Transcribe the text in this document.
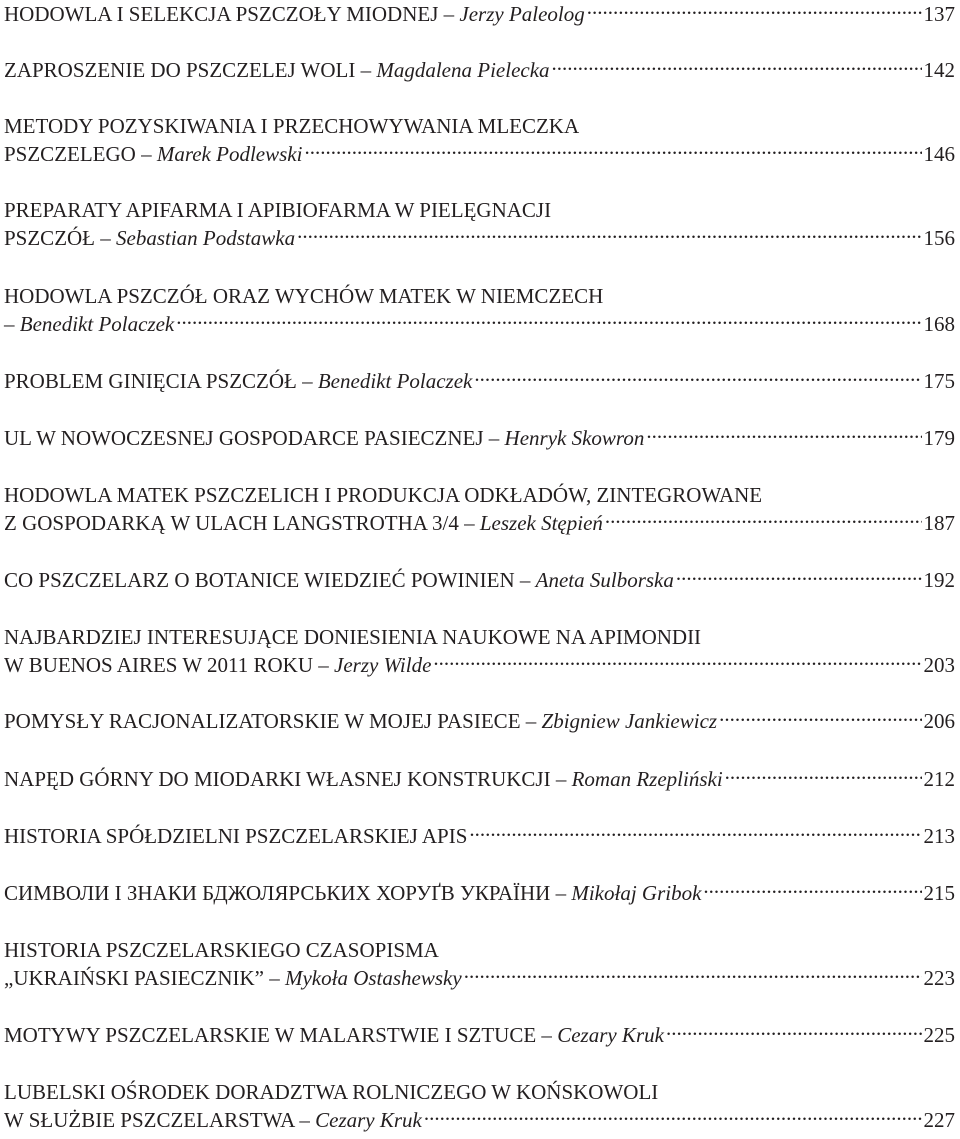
HODOWLA I SELEKCJA PSZCZOŁY MIODNEJ –
Jerzy Paleolog .....	137
ZAPROSZENIE DO PSZCZELEJ WOLI –
Magdalena Pielecka .....	142
METODY POZYSKIWANIA I PRZECHOWYWANIA MLECZKA
PSZCZELEGO –
Marek Podlewski .....	146
PREPARATY APIFARMA I APIBIOFARMA W PIELĘGNACJI
PSZCZÓŁ –
Sebastian Podstawka .....	156
HODOWLA PSZCZÓŁ ORAZ WYCHÓW MATEK W NIEMCZECH
–
Benedikt Polaczek .....	168
PROBLEM GINIĘCIA PSZCZÓŁ –
Benedikt Polaczek .....	175
UL W NOWOCZESNEJ GOSPODARCE PASIECZNEJ –
Henryk Skowron .....	179
HODOWLA MATEK PSZCZELICH I PRODUKCJA ODKŁADÓW, ZINTEGROWANE
Z GOSPODARKĄ W ULACH LANGSTROTHA 3/4 –
Leszek Stępień .....	187
CO PSZCZELARZ O BOTANICE WIEDZIEĆ POWINIEN –
Aneta Sulborska .....	192
NAJBARDZIEJ INTERESUJĄCE DONIESIENIA NAUKOWE NA APIMONDII
W BUENOS AIRES W 2011 ROKU –
Jerzy Wilde .....	203
POMYSŁY RACJONALIZATORSKIE W MOJEJ PASIECE –
Zbigniew Jankiewicz .....	206
NAPĘD GÓRNY DO MIODARKI WŁASNEJ KONSTRUKCJI –
Roman Rzepliński .....	212
HISTORIA SPÓŁDZIELNI PSZCZELARSKIEJ APIS .....	213
СИМВОЛИ І ЗНАКИ БДЖОЛЯРСЬКИХ ХОРУҐВ УКРАЇНИ –
Mikołaj Gribok .....	215
HISTORIA PSZCZELARSKIEGO CZASOPISMA
„UKRAIŃSKI PASIECZNIK” –
Mykoła Ostashewsky .....	223
MOTYWY PSZCZELARSKIE W MALARSTWIE I SZTUCE –
Cezary Kruk .....	225
LUBELSKI OŚRODEK DORADZTWA ROLNICZEGO W KOŃSKOWOLI
W SŁUŻBIE PSZCZELARSTWA –
Cezary Kruk .....	227
